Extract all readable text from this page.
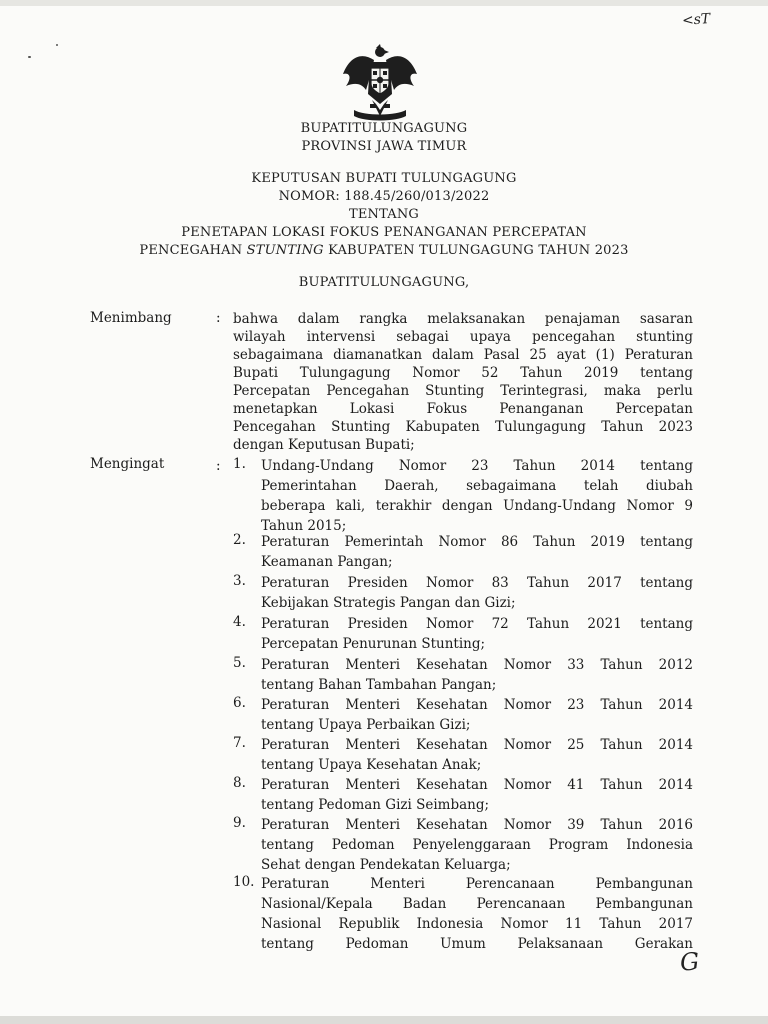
<sT
BUPATITULUNGAGUNG
PROVINSI JAWA TIMUR
KEPUTUSAN BUPATI TULUNGAGUNG
NOMOR: 188.45/260/013/2022
TENTANG
PENETAPAN LOKASI FOKUS PENANGANAN PERCEPATAN
PENCEGAHAN STUNTING KABUPATEN TULUNGAGUNG TAHUN 2023
BUPATITULUNGAGUNG,
Menimbang	: bahwa dalam rangka melaksanakan penajaman sasaran
wilayah intervensi sebagai upaya pencegahan stunting
sebagaimana diamanatkan dalam Pasal 25 ayat (1) Peraturan
Bupati Tulungagung Nomor 52 Tahun 2019 tentang
Percepatan Pencegahan Stunting Terintegrasi, maka perlu
menetapkan Lokasi Fokus Penanganan Percepatan
Pencegahan Stunting Kabupaten Tulungagung Tahun 2023
dengan Keputusan Bupati;
Mengingat	: 1.	Undang-Undang Nomor 23 Tahun 2014 tentang
Pemerintahan Daerah, sebagaimana telah diubah
beberapa kali, terakhir dengan Undang-Undang Nomor 9
Tahun 2015;
2.	Peraturan Pemerintah Nomor 86 Tahun 2019 tentang
Keamanan Pangan;
3.	Peraturan Presiden Nomor 83 Tahun 2017 tentang
Kebijakan Strategis Pangan dan Gizi;
4.	Peraturan Presiden Nomor 72 Tahun 2021 tentang
Percepatan Penurunan Stunting;
5.	Peraturan Menteri Kesehatan Nomor 33 Tahun 2012
tentang Bahan Tambahan Pangan;
6.	Peraturan Menteri Kesehatan Nomor 23 Tahun 2014
tentang Upaya Perbaikan Gizi;
7.	Peraturan Menteri Kesehatan Nomor 25 Tahun 2014
tentang Upaya Kesehatan Anak;
8.	Peraturan Menteri Kesehatan Nomor 41 Tahun 2014
tentang Pedoman Gizi Seimbang;
9.	Peraturan Menteri Kesehatan Nomor 39 Tahun 2016
tentang Pedoman Penyelenggaraan Program Indonesia
Sehat dengan Pendekatan Keluarga;
10. Peraturan Menteri Perencanaan Pembangunan
Nasional/Kepala Badan Perencanaan Pembangunan
Nasional Republik Indonesia Nomor 11 Tahun 2017
tentang Pedoman Umum Pelaksanaan Gerakan
G
